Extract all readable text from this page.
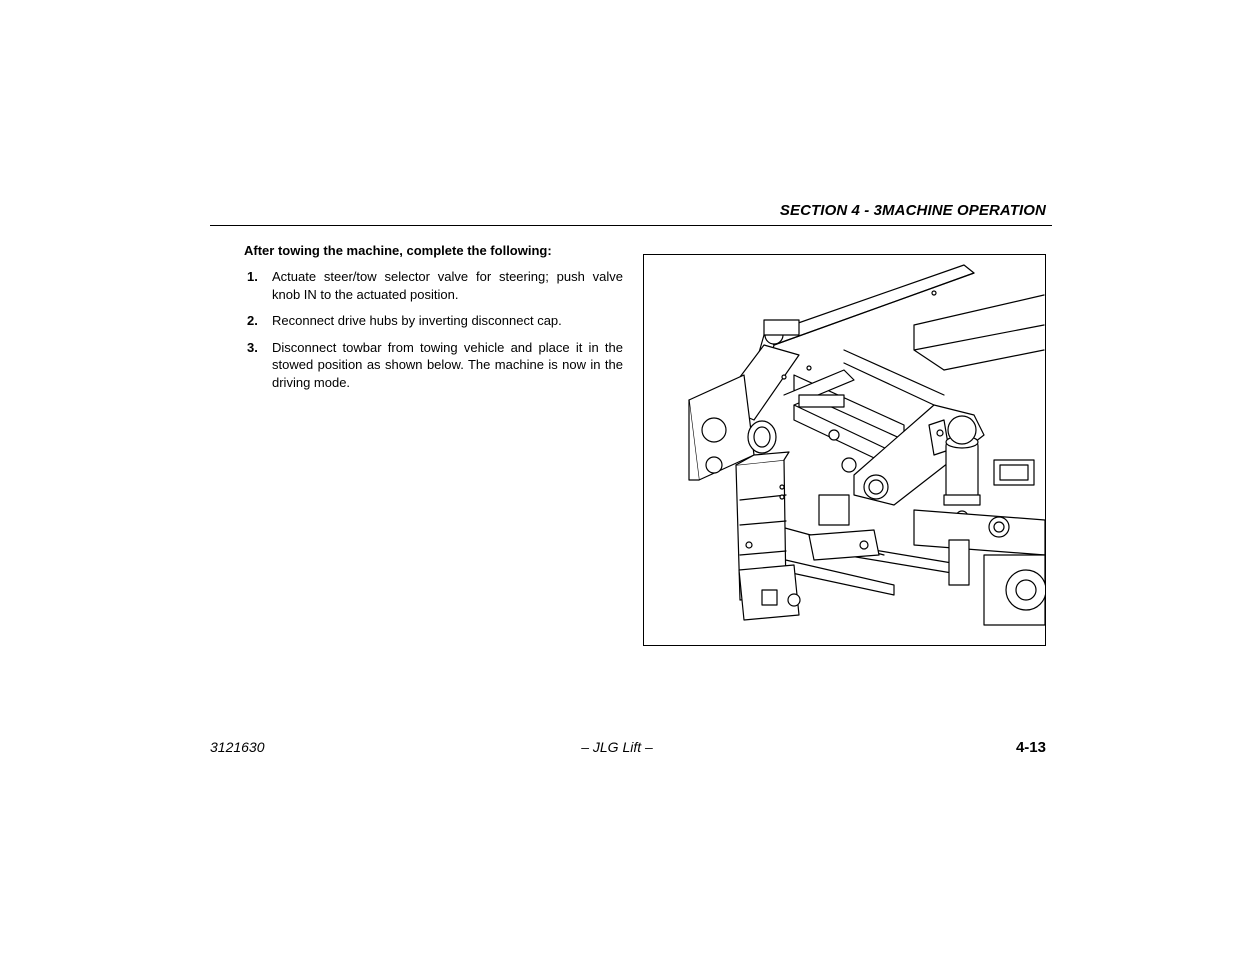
SECTION 4 - 3MACHINE OPERATION
After towing the machine, complete the following:
1.	Actuate steer/tow selector valve for steering; push valve knob IN to the actuated position.
2.	Reconnect drive hubs by inverting disconnect cap.
3.	Disconnect towbar from towing vehicle and place it in the stowed position as shown below. The machine is now in the driving mode.
3121630	– JLG Lift –	4-13
